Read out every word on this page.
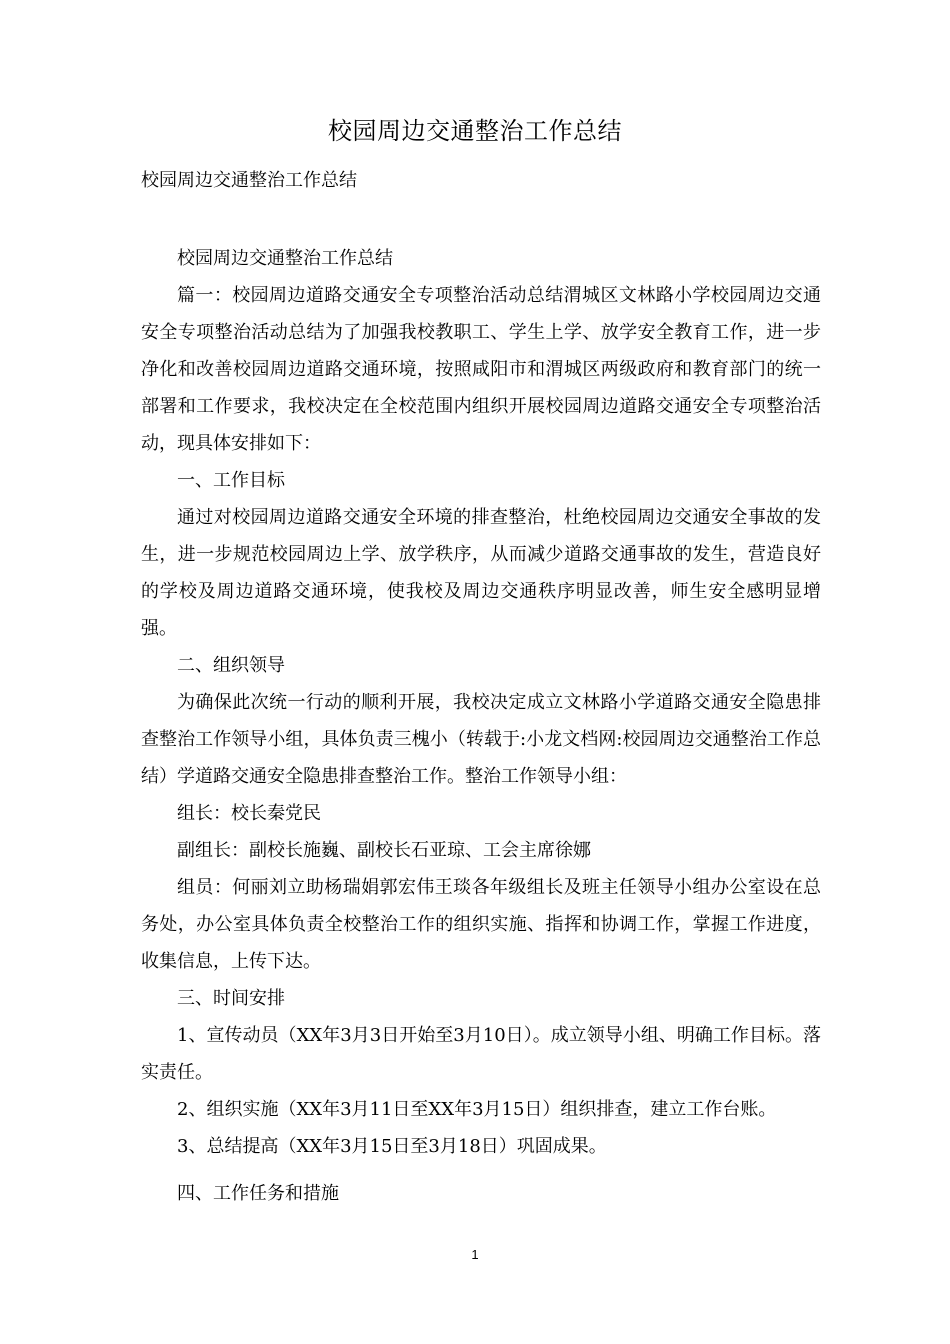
校园周边交通整治工作总结
校园周边交通整治工作总结

校园周边交通整治工作总结

篇一：校园周边道路交通安全专项整治活动总结渭城区文林路小学校园周边交通安全专项整治活动总结为了加强我校教职工、学生上学、放学安全教育工作，进一步净化和改善校园周边道路交通环境，按照咸阳市和渭城区两级政府和教育部门的统一部署和工作要求，我校决定在全校范围内组织开展校园周边道路交通安全专项整治活动，现具体安排如下：

一、工作目标

通过对校园周边道路交通安全环境的排查整治，杜绝校园周边交通安全事故的发生，进一步规范校园周边上学、放学秩序，从而减少道路交通事故的发生，营造良好的学校及周边道路交通环境，使我校及周边交通秩序明显改善，师生安全感明显增强。

二、组织领导

为确保此次统一行动的顺利开展，我校决定成立文林路小学道路交通安全隐患排查整治工作领导小组，具体负责三槐小（转载于:小龙文档网:校园周边交通整治工作总结）学道路交通安全隐患排查整治工作。整治工作领导小组：

组长：校长秦党民

副组长：副校长施巍、副校长石亚琼、工会主席徐娜

组员：何丽刘立助杨瑞娟郭宏伟王琰各年级组长及班主任领导小组办公室设在总务处，办公室具体负责全校整治工作的组织实施、指挥和协调工作，掌握工作进度，收集信息，上传下达。

三、时间安排

1、宣传动员（XX年3月3日开始至3月10日）。成立领导小组、明确工作目标。落实责任。

2、组织实施（XX年3月11日至XX年3月15日）组织排查，建立工作台账。

3、总结提高（XX年3月15日至3月18日）巩固成果。

四、工作任务和措施

1
